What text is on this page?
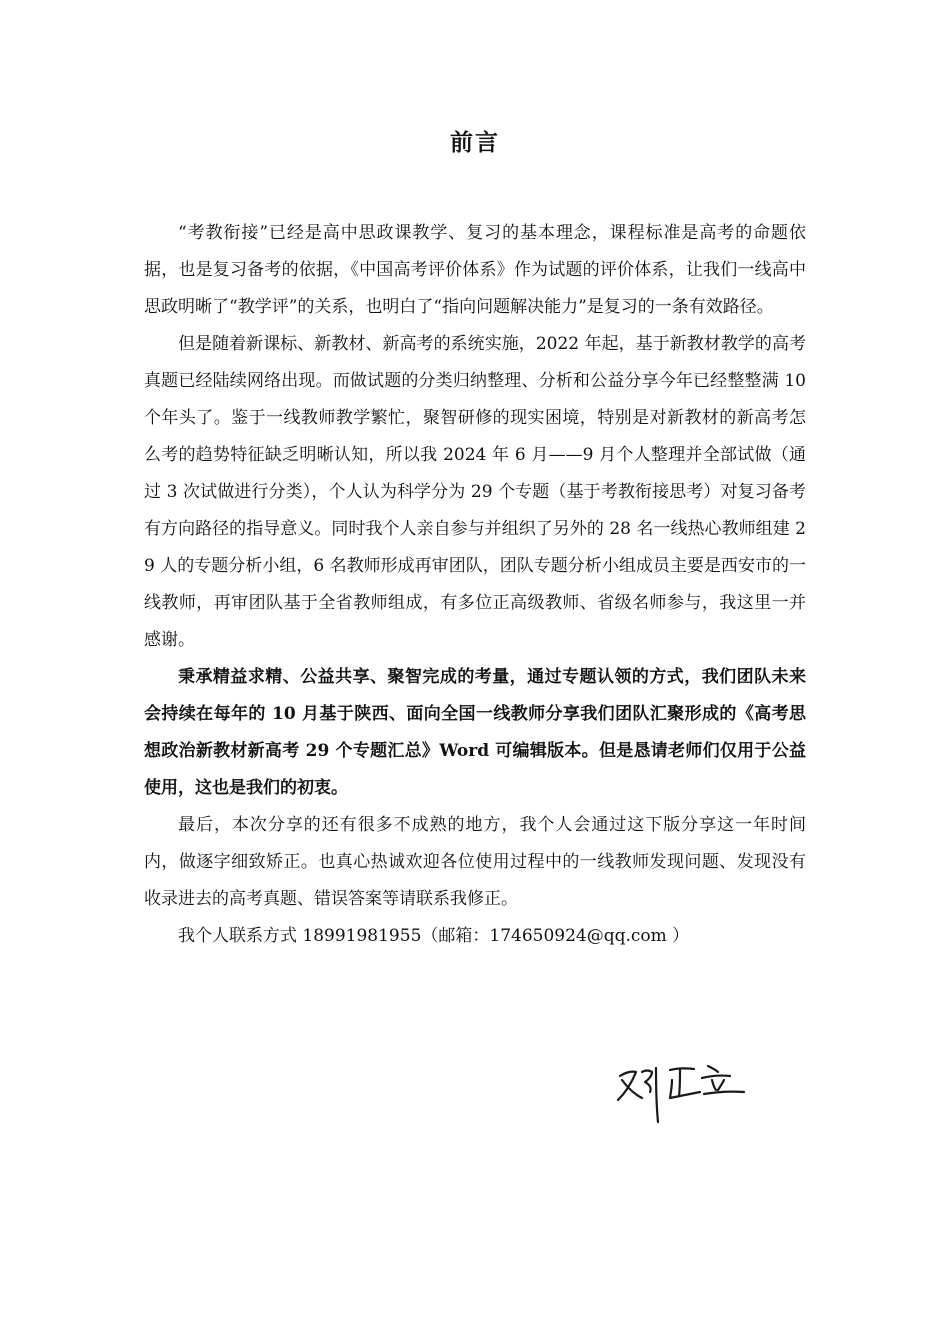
前言

“考教衔接”已经是高中思政课教学、复习的基本理念，课程标准是高考的命题依据，也是复习备考的依据，《中国高考评价体系》作为试题的评价体系，让我们一线高中思政明晰了“教学评”的关系，也明白了“指向问题解决能力”是复习的一条有效路径。

但是随着新课标、新教材、新高考的系统实施，2022 年起，基于新教材教学的高考真题已经陆续网络出现。而做试题的分类归纳整理、分析和公益分享今年已经整整满 10 个年头了。鉴于一线教师教学繁忙，聚智研修的现实困境，特别是对新教材的新高考怎么考的趋势特征缺乏明晰认知，所以我 2024 年 6 月——9 月个人整理并全部试做（通过 3 次试做进行分类），个人认为科学分为 29 个专题（基于考教衔接思考）对复习备考有方向路径的指导意义。同时我个人亲自参与并组织了另外的 28 名一线热心教师组建 29 人的专题分析小组，6 名教师形成再审团队，团队专题分析小组成员主要是西安市的一线教师，再审团队基于全省教师组成，有多位正高级教师、省级名师参与，我这里一并感谢。

秉承精益求精、公益共享、聚智完成的考量，通过专题认领的方式，我们团队未来会持续在每年的 10 月基于陕西、面向全国一线教师分享我们团队汇聚形成的《高考思想政治新教材新高考 29 个专题汇总》Word 可编辑版本。但是恳请老师们仅用于公益使用，这也是我们的初衷。

最后，本次分享的还有很多不成熟的地方，我个人会通过这下版分享这一年时间内，做逐字细致矫正。也真心热诚欢迎各位使用过程中的一线教师发现问题、发现没有收录进去的高考真题、错误答案等请联系我修正。

我个人联系方式 18991981955（邮箱：174650924@qq.com ）
